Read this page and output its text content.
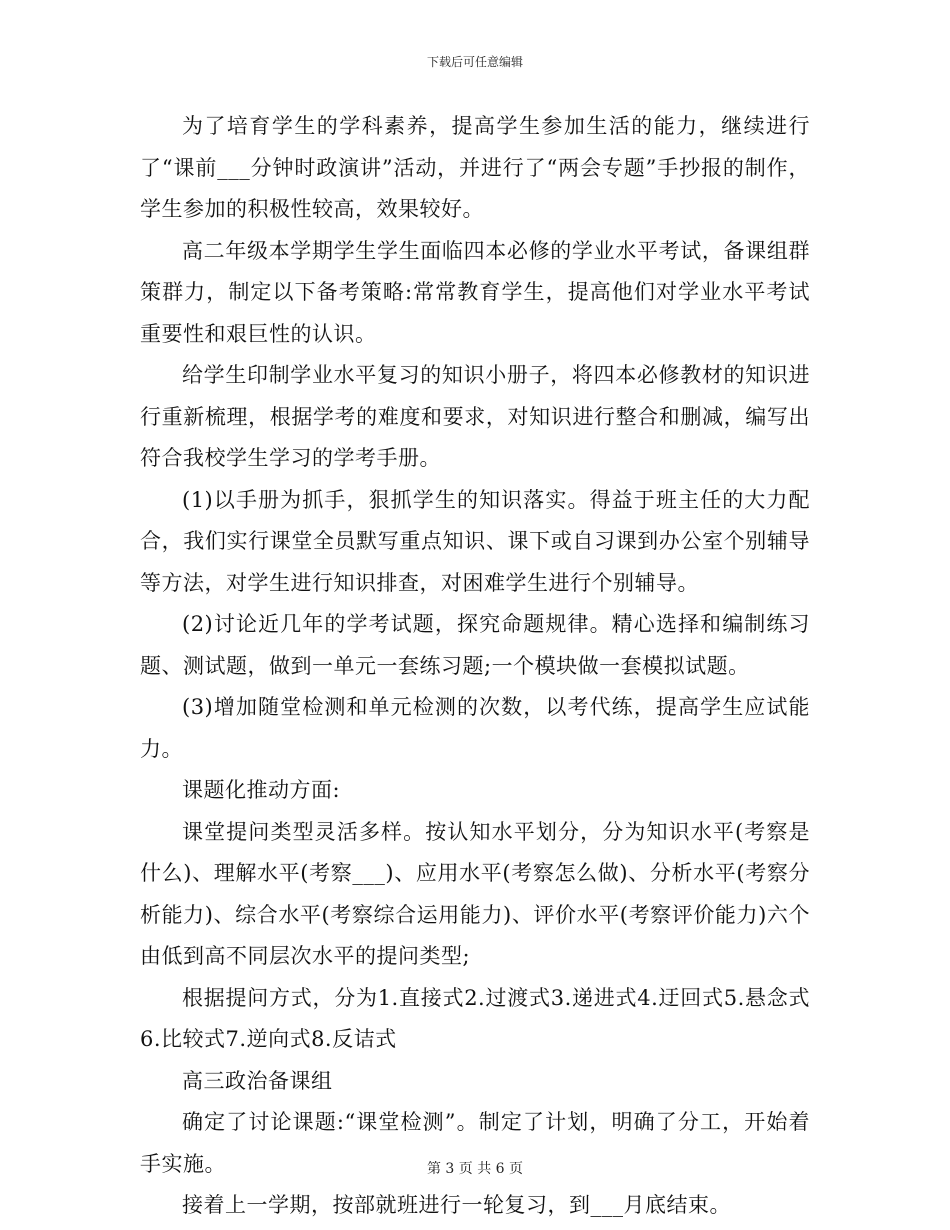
下载后可任意编辑

为了培育学生的学科素养，提高学生参加生活的能力，继续进行了“课前___分钟时政演讲”活动，并进行了“两会专题”手抄报的制作，学生参加的积极性较高，效果较好。

高二年级本学期学生学生面临四本必修的学业水平考试，备课组群策群力，制定以下备考策略:常常教育学生，提高他们对学业水平考试重要性和艰巨性的认识。

给学生印制学业水平复习的知识小册子，将四本必修教材的知识进行重新梳理，根据学考的难度和要求，对知识进行整合和删减，编写出符合我校学生学习的学考手册。

(1)以手册为抓手，狠抓学生的知识落实。得益于班主任的大力配合，我们实行课堂全员默写重点知识、课下或自习课到办公室个别辅导等方法，对学生进行知识排查，对困难学生进行个别辅导。

(2)讨论近几年的学考试题，探究命题规律。精心选择和编制练习题、测试题，做到一单元一套练习题;一个模块做一套模拟试题。

(3)增加随堂检测和单元检测的次数，以考代练，提高学生应试能力。

课题化推动方面:

课堂提问类型灵活多样。按认知水平划分，分为知识水平(考察是什么)、理解水平(考察___)、应用水平(考察怎么做)、分析水平(考察分析能力)、综合水平(考察综合运用能力)、评价水平(考察评价能力)六个由低到高不同层次水平的提问类型;

根据提问方式，分为1.直接式2.过渡式3.递进式4.迂回式5.悬念式6.比较式7.逆向式8.反诘式

高三政治备课组

确定了讨论课题:“课堂检测”。制定了计划，明确了分工，开始着手实施。

接着上一学期，按部就班进行一轮复习，到___月底结束。

第 3 页 共 6 页
